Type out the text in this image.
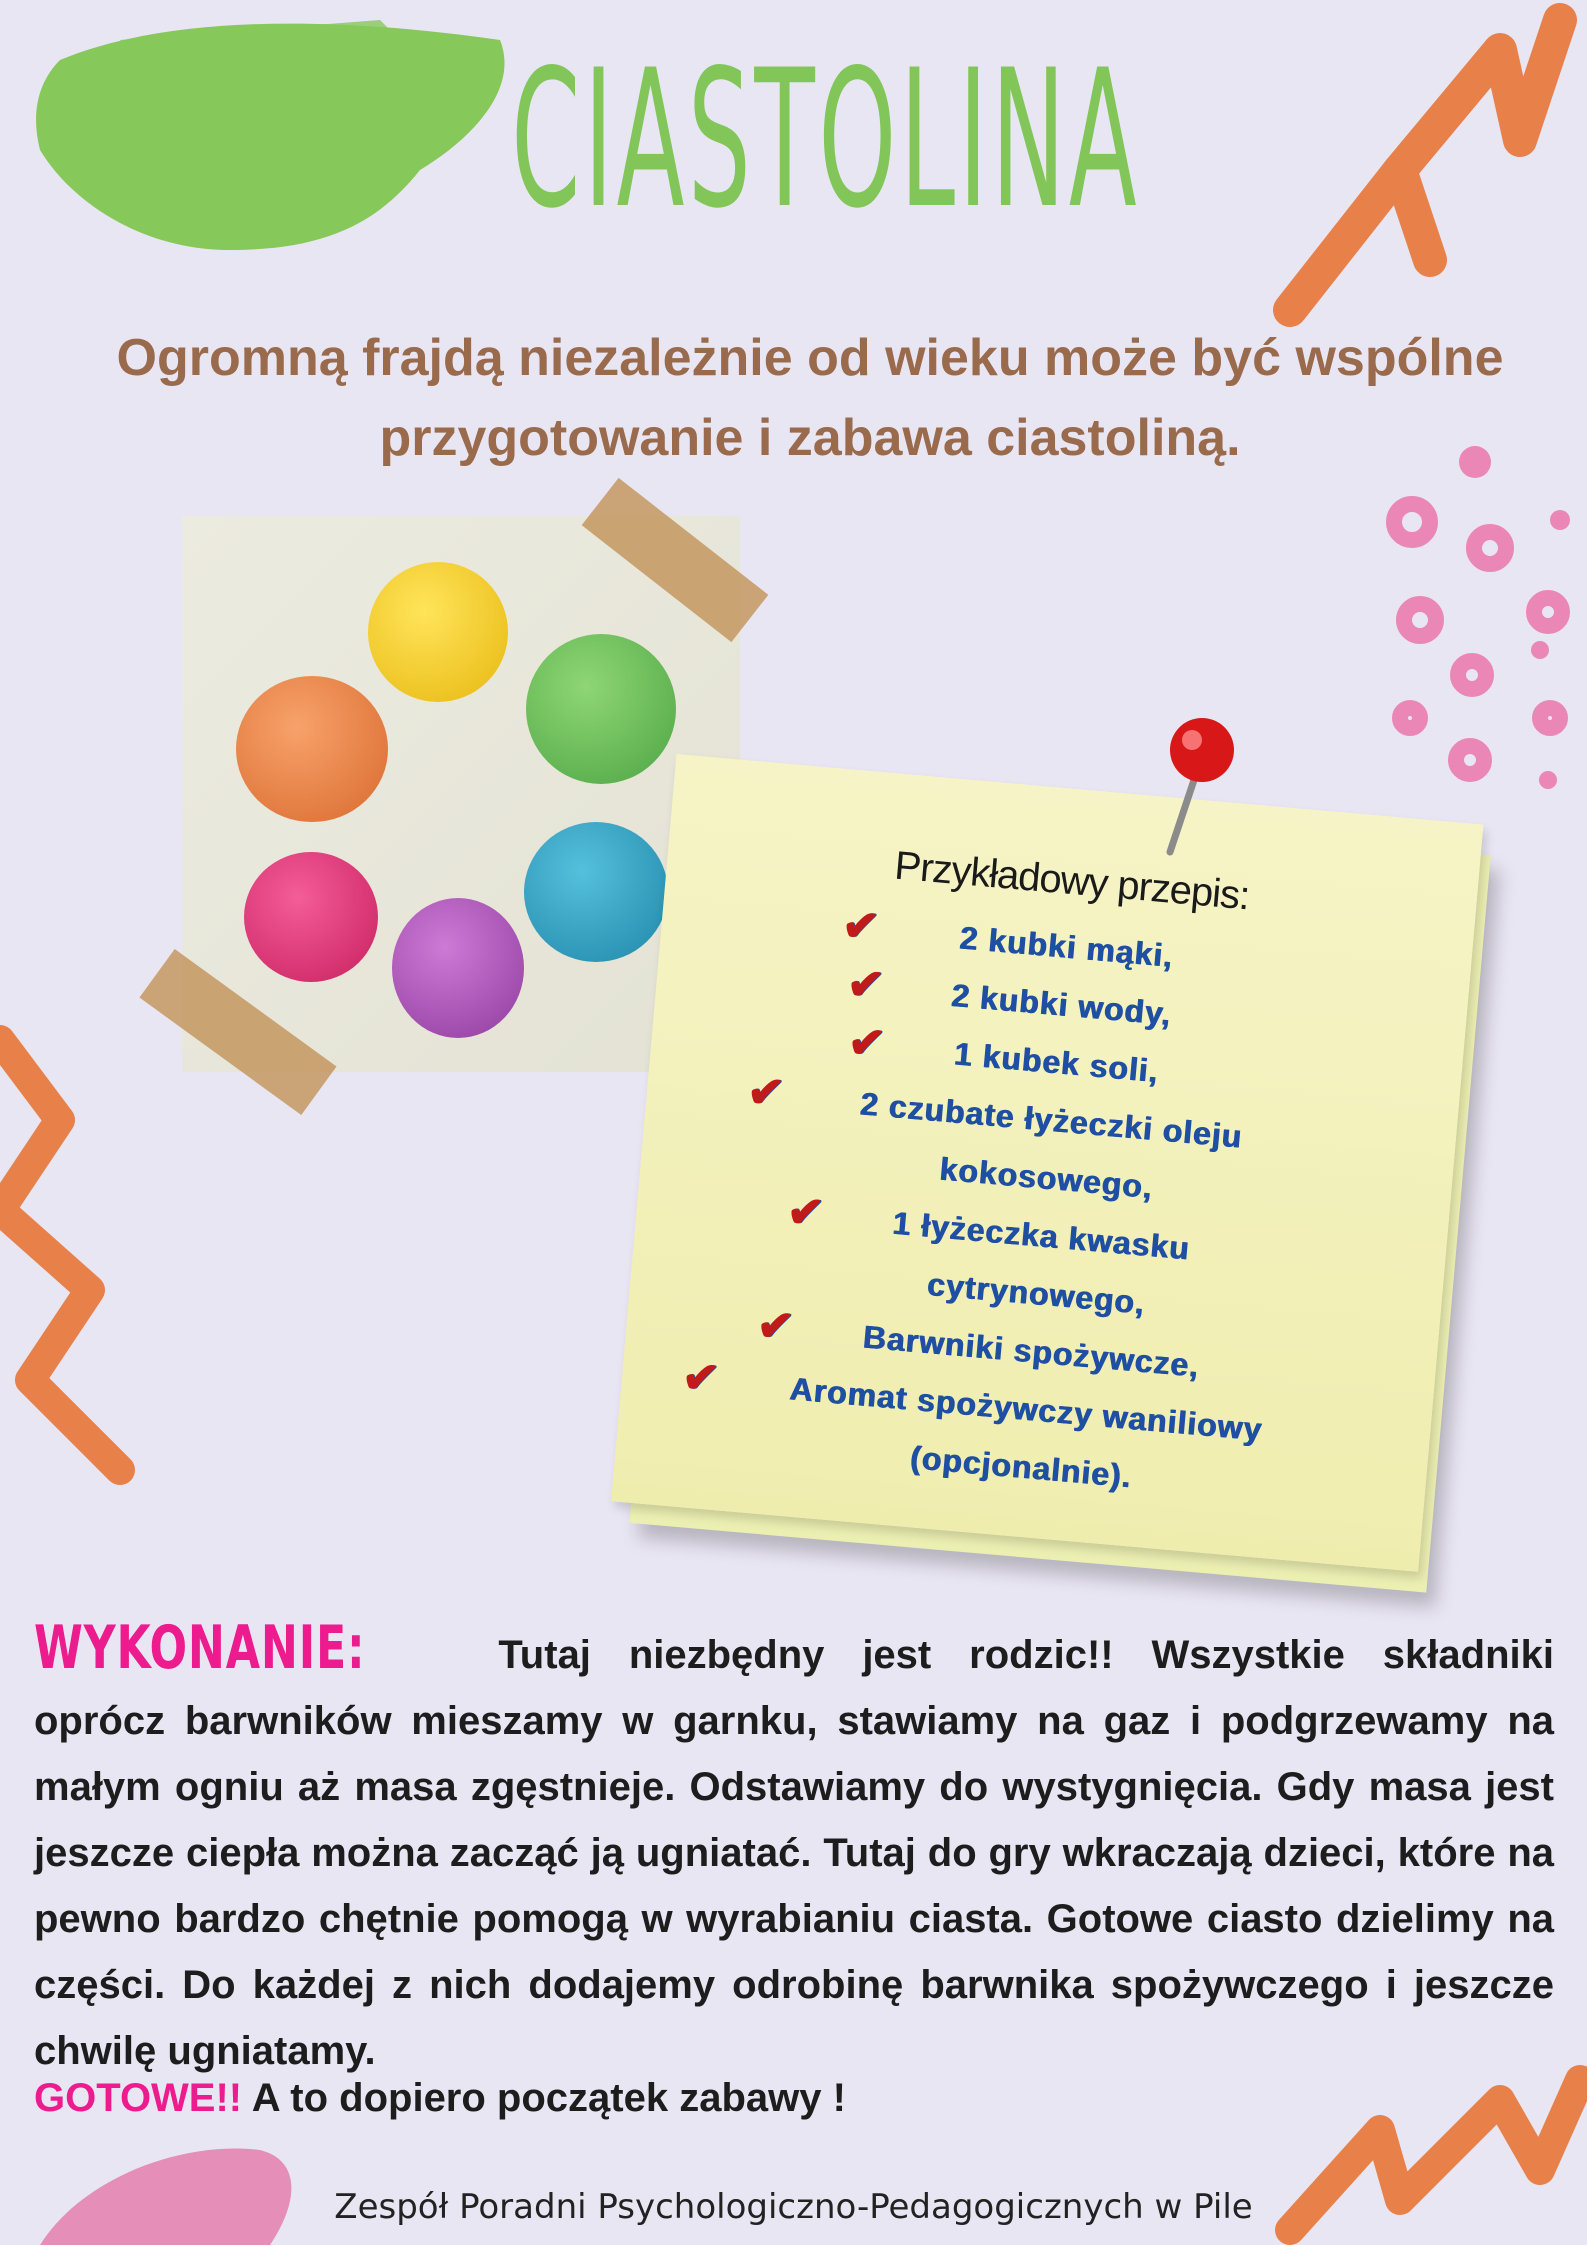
CIASTOLINA
Ogromną frajdą niezależnie od wieku może być wspólne
przygotowanie i zabawa ciastoliną.
Przykładowy przepis:
✔ 2 kubki mąki,
✔ 2 kubki wody,
✔ 1 kubek soli,
✔ 2 czubate łyżeczki oleju
kokosowego,
✔ 1 łyżeczka kwasku
cytrynowego,
✔ Barwniki spożywcze,
✔ Aromat spożywczy waniliowy
(opcjonalnie).
WYKONANIE:	Tutaj niezbędny jest rodzic!! Wszystkie składniki oprócz barwników mieszamy w garnku, stawiamy na gaz i podgrzewamy na małym ogniu aż masa zgęstnieje. Odstawiamy do wystygnięcia. Gdy masa jest jeszcze ciepła można zacząć ją ugniatać. Tutaj do gry wkraczają dzieci, które na pewno bardzo chętnie pomogą w wyrabianiu ciasta. Gotowe ciasto dzielimy na części. Do każdej z nich dodajemy odrobinę barwnika spożywczego i jeszcze chwilę ugniatamy.
GOTOWE!! A to dopiero początek zabawy !
Zespół Poradni Psychologiczno-Pedagogicznych w Pile
